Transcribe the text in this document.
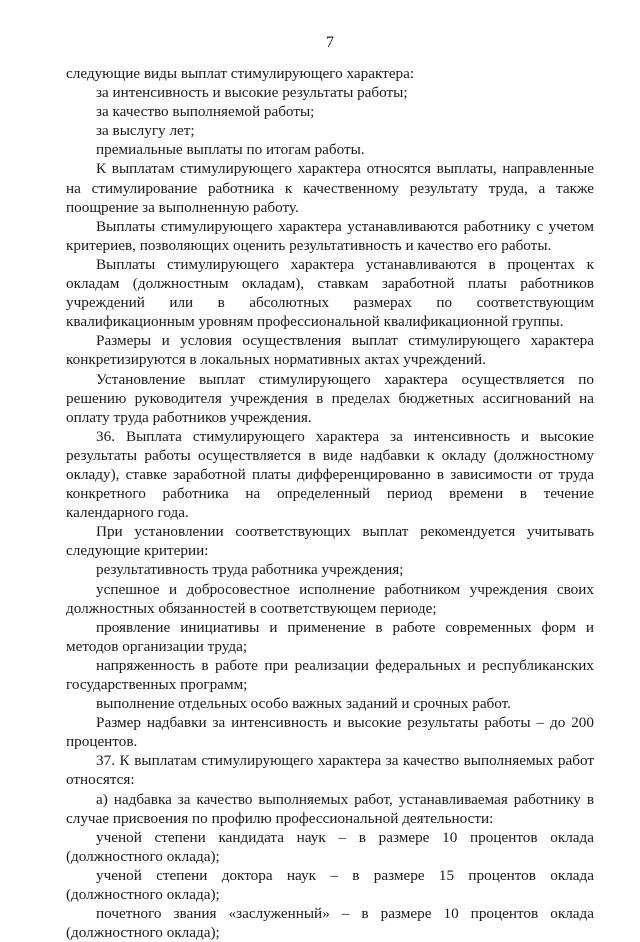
7

следующие виды выплат стимулирующего характера:

за интенсивность и высокие результаты работы;

за качество выполняемой работы;

за выслугу лет;

премиальные выплаты по итогам работы.

К выплатам стимулирующего характера относятся выплаты, направленные на стимулирование работника к качественному результату труда, а также поощрение за выполненную работу.

Выплаты стимулирующего характера устанавливаются работнику с учетом критериев, позволяющих оценить результативность и качество его работы.

Выплаты стимулирующего характера устанавливаются в процентах к окладам (должностным окладам), ставкам заработной платы работников учреждений или в абсолютных размерах по соответствующим квалификационным уровням профессиональной квалификационной группы.

Размеры и условия осуществления выплат стимулирующего характера конкретизируются в локальных нормативных актах учреждений.

Установление выплат стимулирующего характера осуществляется по решению руководителя учреждения в пределах бюджетных ассигнований на оплату труда работников учреждения.

36. Выплата стимулирующего характера за интенсивность и высокие результаты работы осуществляется в виде надбавки к окладу (должностному окладу), ставке заработной платы дифференцированно в зависимости от труда конкретного работника на определенный период времени в течение календарного года.

При установлении соответствующих выплат рекомендуется учитывать следующие критерии:

результативность труда работника учреждения;

успешное и добросовестное исполнение работником учреждения своих должностных обязанностей в соответствующем периоде;

проявление инициативы и применение в работе современных форм и методов организации труда;

напряженность в работе при реализации федеральных и республиканских государственных программ;

выполнение отдельных особо важных заданий и срочных работ.

Размер надбавки за интенсивность и высокие результаты работы – до 200 процентов.

37. К выплатам стимулирующего характера за качество выполняемых работ относятся:

а) надбавка за качество выполняемых работ, устанавливаемая работнику в случае присвоения по профилю профессиональной деятельности:

ученой степени кандидата наук – в размере 10 процентов оклада (должностного оклада);

ученой степени доктора наук – в размере 15 процентов оклада (должностного оклада);

почетного звания «заслуженный» – в размере 10 процентов оклада (должностного оклада);
